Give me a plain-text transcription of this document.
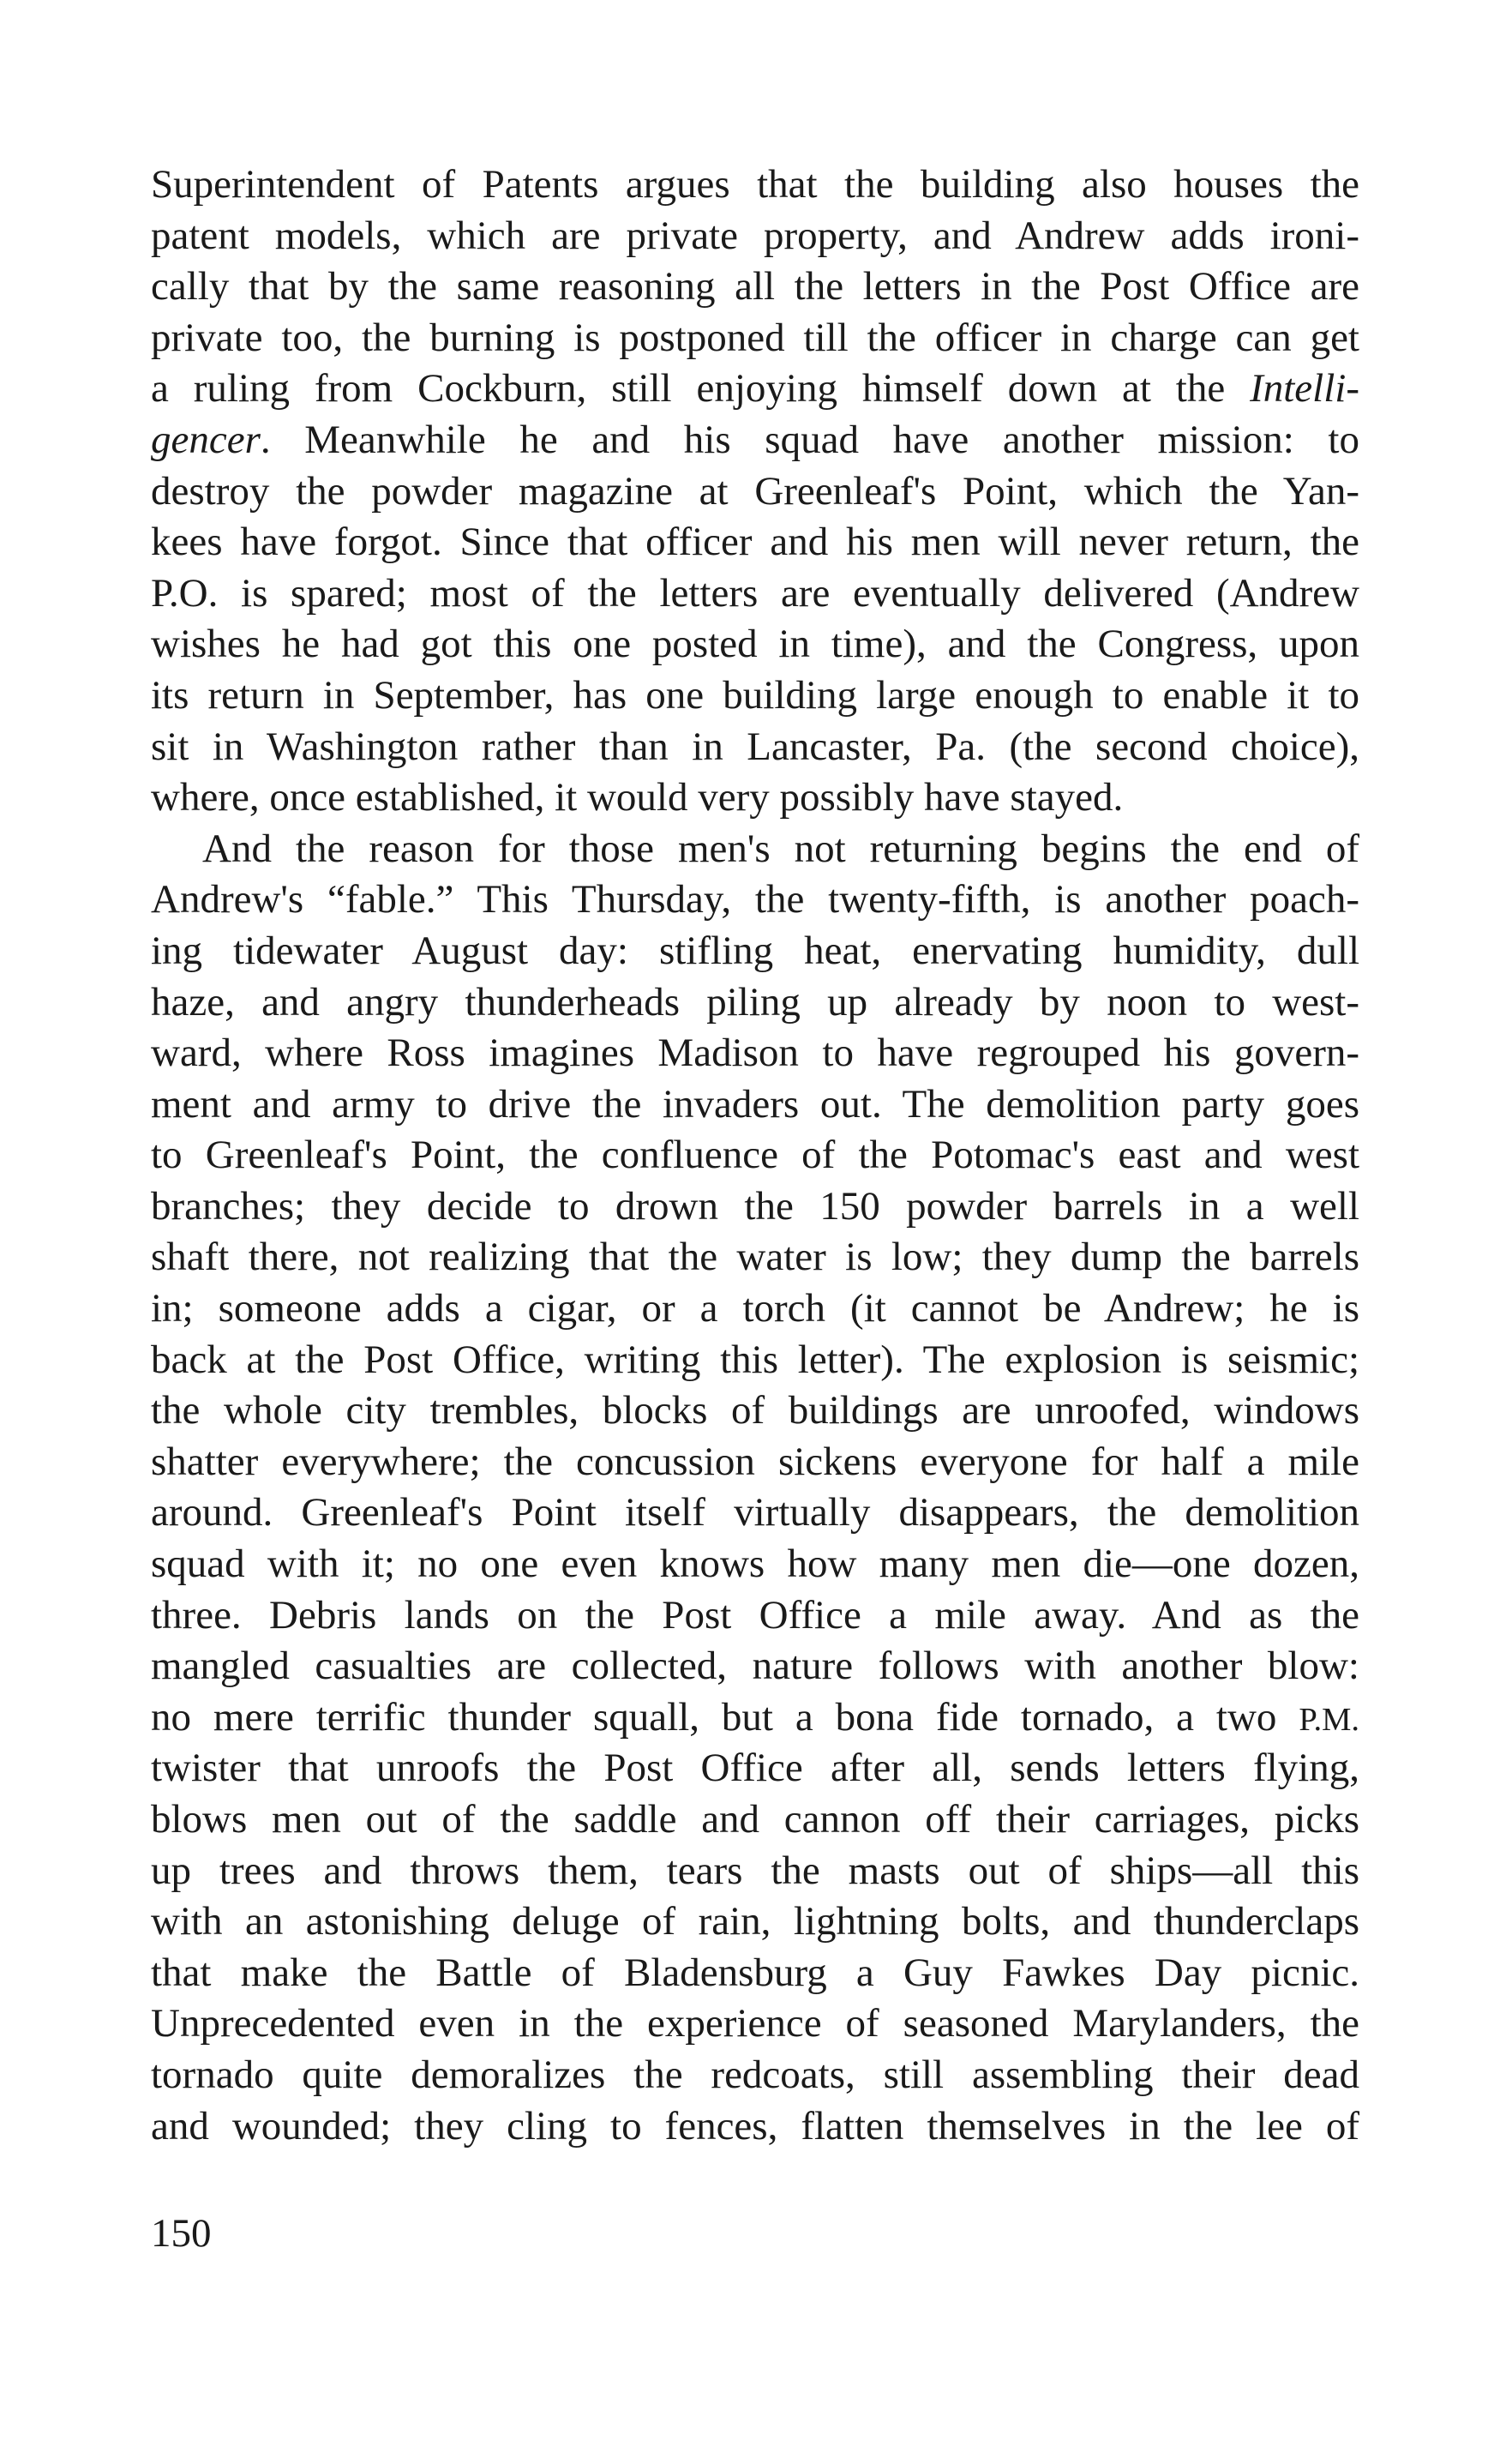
Superintendent of Patents argues that the building also houses the
patent models, which are private property, and Andrew adds ironi-
cally that by the same reasoning all the letters in the Post Office are
private too, the burning is postponed till the officer in charge can get
a ruling from Cockburn, still enjoying himself down at the Intelli-
gencer. Meanwhile he and his squad have another mission: to
destroy the powder magazine at Greenleaf's Point, which the Yan-
kees have forgot. Since that officer and his men will never return, the
P.O. is spared; most of the letters are eventually delivered (Andrew
wishes he had got this one posted in time), and the Congress, upon
its return in September, has one building large enough to enable it to
sit in Washington rather than in Lancaster, Pa. (the second choice),
where, once established, it would very possibly have stayed.
And the reason for those men's not returning begins the end of
Andrew's “fable.” This Thursday, the twenty-fifth, is another poach-
ing tidewater August day: stifling heat, enervating humidity, dull
haze, and angry thunderheads piling up already by noon to west-
ward, where Ross imagines Madison to have regrouped his govern-
ment and army to drive the invaders out. The demolition party goes
to Greenleaf's Point, the confluence of the Potomac's east and west
branches; they decide to drown the 150 powder barrels in a well
shaft there, not realizing that the water is low; they dump the barrels
in; someone adds a cigar, or a torch (it cannot be Andrew; he is
back at the Post Office, writing this letter). The explosion is seismic;
the whole city trembles, blocks of buildings are unroofed, windows
shatter everywhere; the concussion sickens everyone for half a mile
around. Greenleaf's Point itself virtually disappears, the demolition
squad with it; no one even knows how many men die—one dozen,
three. Debris lands on the Post Office a mile away. And as the
mangled casualties are collected, nature follows with another blow:
no mere terrific thunder squall, but a bona fide tornado, a two P.M.
twister that unroofs the Post Office after all, sends letters flying,
blows men out of the saddle and cannon off their carriages, picks
up trees and throws them, tears the masts out of ships—all this
with an astonishing deluge of rain, lightning bolts, and thunderclaps
that make the Battle of Bladensburg a Guy Fawkes Day picnic.
Unprecedented even in the experience of seasoned Marylanders, the
tornado quite demoralizes the redcoats, still assembling their dead
and wounded; they cling to fences, flatten themselves in the lee of
150
